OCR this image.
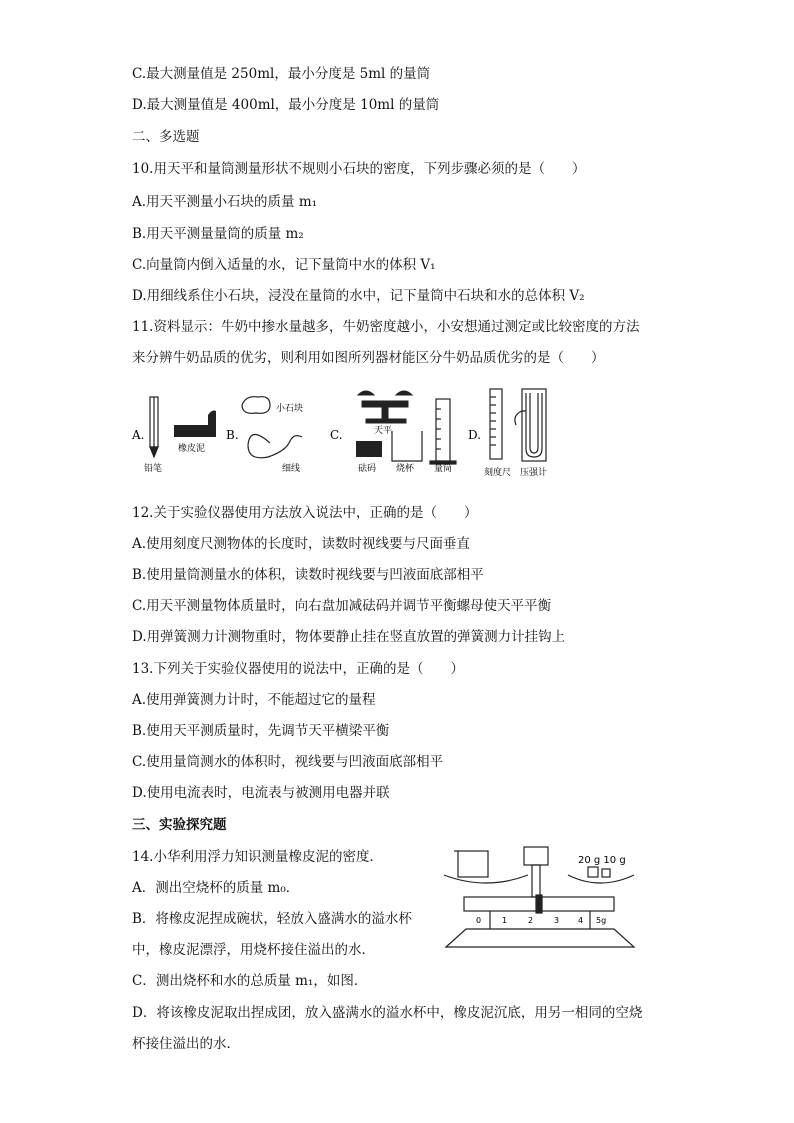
C.最大测量值是 250ml，最小分度是 5ml 的量筒
D.最大测量值是 400ml，最小分度是 10ml 的量筒
二、多选题
10.用天平和量筒测量形状不规则小石块的密度，下列步骤必须的是（　　）
A.用天平测量小石块的质量 m₁
B.用天平测量量筒的质量 m₂
C.向量筒内倒入适量的水，记下量筒中水的体积 V₁
D.用细线系住小石块，浸没在量筒的水中，记下量筒中石块和水的总体积 V₂
11.资料显示：牛奶中掺水量越多，牛奶密度越小，小安想通过测定或比较密度的方法
来分辨牛奶品质的优劣，则利用如图所列器材能区分牛奶品质优劣的是（　　）
A.
铅笔
橡皮泥
B.
小石块
细线
C.	天平
砝码 烧杯 量筒
D.
刻度尺 压强计
12.关于实验仪器使用方法放入说法中，正确的是（　　）
A.使用刻度尺测物体的长度时，读数时视线要与尺面垂直
B.使用量筒测量水的体积，读数时视线要与凹液面底部相平
C.用天平测量物体质量时，向右盘加减砝码并调节平衡螺母使天平平衡
D.用弹簧测力计测物重时，物体要静止挂在竖直放置的弹簧测力计挂钩上
13.下列关于实验仪器使用的说法中，正确的是（　　）
A.使用弹簧测力计时，不能超过它的量程
B.使用天平测质量时，先调节天平横梁平衡
C.使用量筒测水的体积时，视线要与凹液面底部相平
D.使用电流表时，电流表与被测用电器并联
三、实验探究题
14.小华利用浮力知识测量橡皮泥的密度．
A．测出空烧杯的质量 m₀．
B．将橡皮泥捏成碗状，轻放入盛满水的溢水杯
中，橡皮泥漂浮，用烧杯接住溢出的水．
C．测出烧杯和水的总质量 m₁，如图．
D．将该橡皮泥取出捏成团，放入盛满水的溢水杯中，橡皮泥沉底，用另一相同的空烧
杯接住溢出的水．
20 g 10 g
0	1	2	3 4 5g
